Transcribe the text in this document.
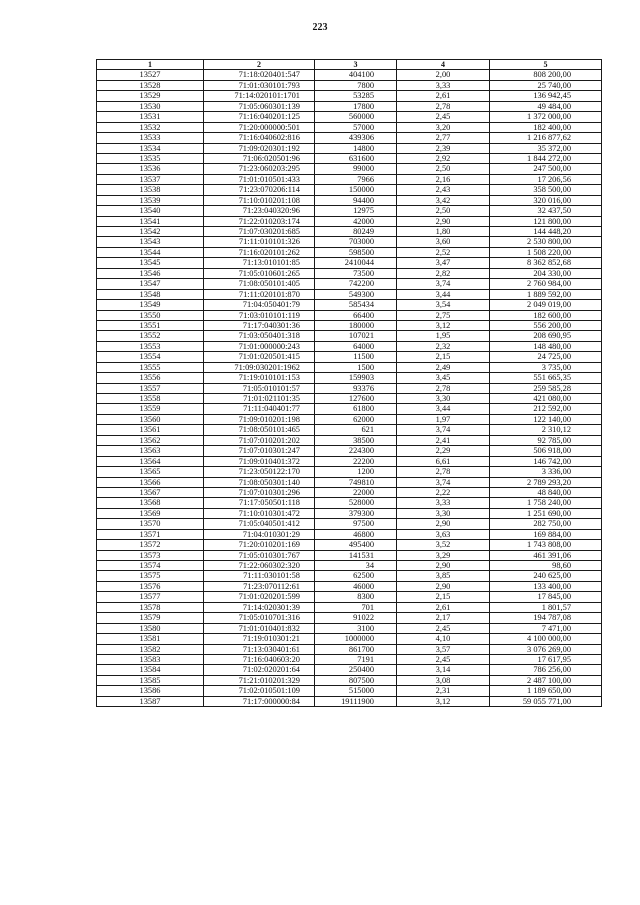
223
1	2	3	4	5
13527	71:18:020401:547	404100	2,00	808 200,00
13528	71:01:030101:793	7800	3,33	25 740,00
13529	71:14:020101:1701	53285	2,61	136 942,45
13530	71:05:060301:139	17800	2,78	49 484,00
13531	71:16:040201:125	560000	2,45	1 372 000,00
13532	71:20:000000:501	57000	3,20	182 400,00
13533	71:16:040602:816	439306	2,77	1 216 877,62
13534	71:09:020301:192	14800	2,39	35 372,00
13535	71:06:020501:96	631600	2,92	1 844 272,00
13536	71:23:060203:295	99000	2,50	247 500,00
13537	71:01:010501:433	7966	2,16	17 206,56
13538	71:23:070206:114	150000	2,43	358 500,00
13539	71:10:010201:108	94400	3,42	320 016,00
13540	71:23:040320:96	12975	2,50	32 437,50
13541	71:22:010203:174	42000	2,90	121 800,00
13542	71:07:030201:685	80249	1,80	144 448,20
13543	71:11:010101:326	703000	3,60	2 530 800,00
13544	71:16:020101:262	598500	2,52	1 508 220,00
13545	71:13:010101:85	2410044	3,47	8 362 852,68
13546	71:05:010601:265	73500	2,82	204 330,00
13547	71:08:050101:405	742200	3,74	2 760 984,00
13548	71:11:020101:870	549300	3,44	1 889 592,00
13549	71:04:050401:79	585434	3,54	2 049 019,00
13550	71:03:010101:119	66400	2,75	182 600,00
13551	71:17:040301:36	180000	3,12	556 200,00
13552	71:03:050401:318	107021	1,95	208 690,95
13553	71:01:000000:243	64000	2,32	148 480,00
13554	71:01:020501:415	11500	2,15	24 725,00
13555	71:09:030201:1962	1500	2,49	3 735,00
13556	71:19:010101:153	159903	3,45	551 665,35
13557	71:05:010101:57	93376	2,78	259 585,28
13558	71:01:021101:35	127600	3,30	421 080,00
13559	71:11:040401:77	61800	3,44	212 592,00
13560	71:09:010201:198	62000	1,97	122 140,00
13561	71:08:050101:465	621	3,74	2 310,12
13562	71:07:010201:202	38500	2,41	92 785,00
13563	71:07:010301:247	224300	2,29	506 918,00
13564	71:09:010401:372	22200	6,61	146 742,00
13565	71:23:050122:170	1200	2,78	3 336,00
13566	71:08:050301:140	749810	3,74	2 789 293,20
13567	71:07:010301:296	22000	2,22	48 840,00
13568	71:17:050501:118	528000	3,33	1 758 240,00
13569	71:10:010301:472	379300	3,30	1 251 690,00
13570	71:05:040501:412	97500	2,90	282 750,00
13571	71:04:010301:29	46800	3,63	169 884,00
13572	71:20:010201:169	495400	3,52	1 743 808,00
13573	71:05:010301:767	141531	3,29	461 391,06
13574	71:22:060302:320	34	2,90	98,60
13575	71:11:030101:58	62500	3,85	240 625,00
13576	71:23:070112:61	46000	2,90	133 400,00
13577	71:01:020201:599	8300	2,15	17 845,00
13578	71:14:020301:39	701	2,61	1 801,57
13579	71:05:010701:316	91022	2,17	194 787,08
13580	71:01:010401:832	3100	2,45	7 471,00
13581	71:19:010301:21	1000000	4,10	4 100 000,00
13582	71:13:030401:61	861700	3,57	3 076 269,00
13583	71:16:040603:20	7191	2,45	17 617,95
13584	71:02:020201:64	250400	3,14	786 256,00
13585	71:21:010201:329	807500	3,08	2 487 100,00
13586	71:02:010501:109	515000	2,31	1 189 650,00
13587	71:17:000000:84	19111900	3,12	59 055 771,00
